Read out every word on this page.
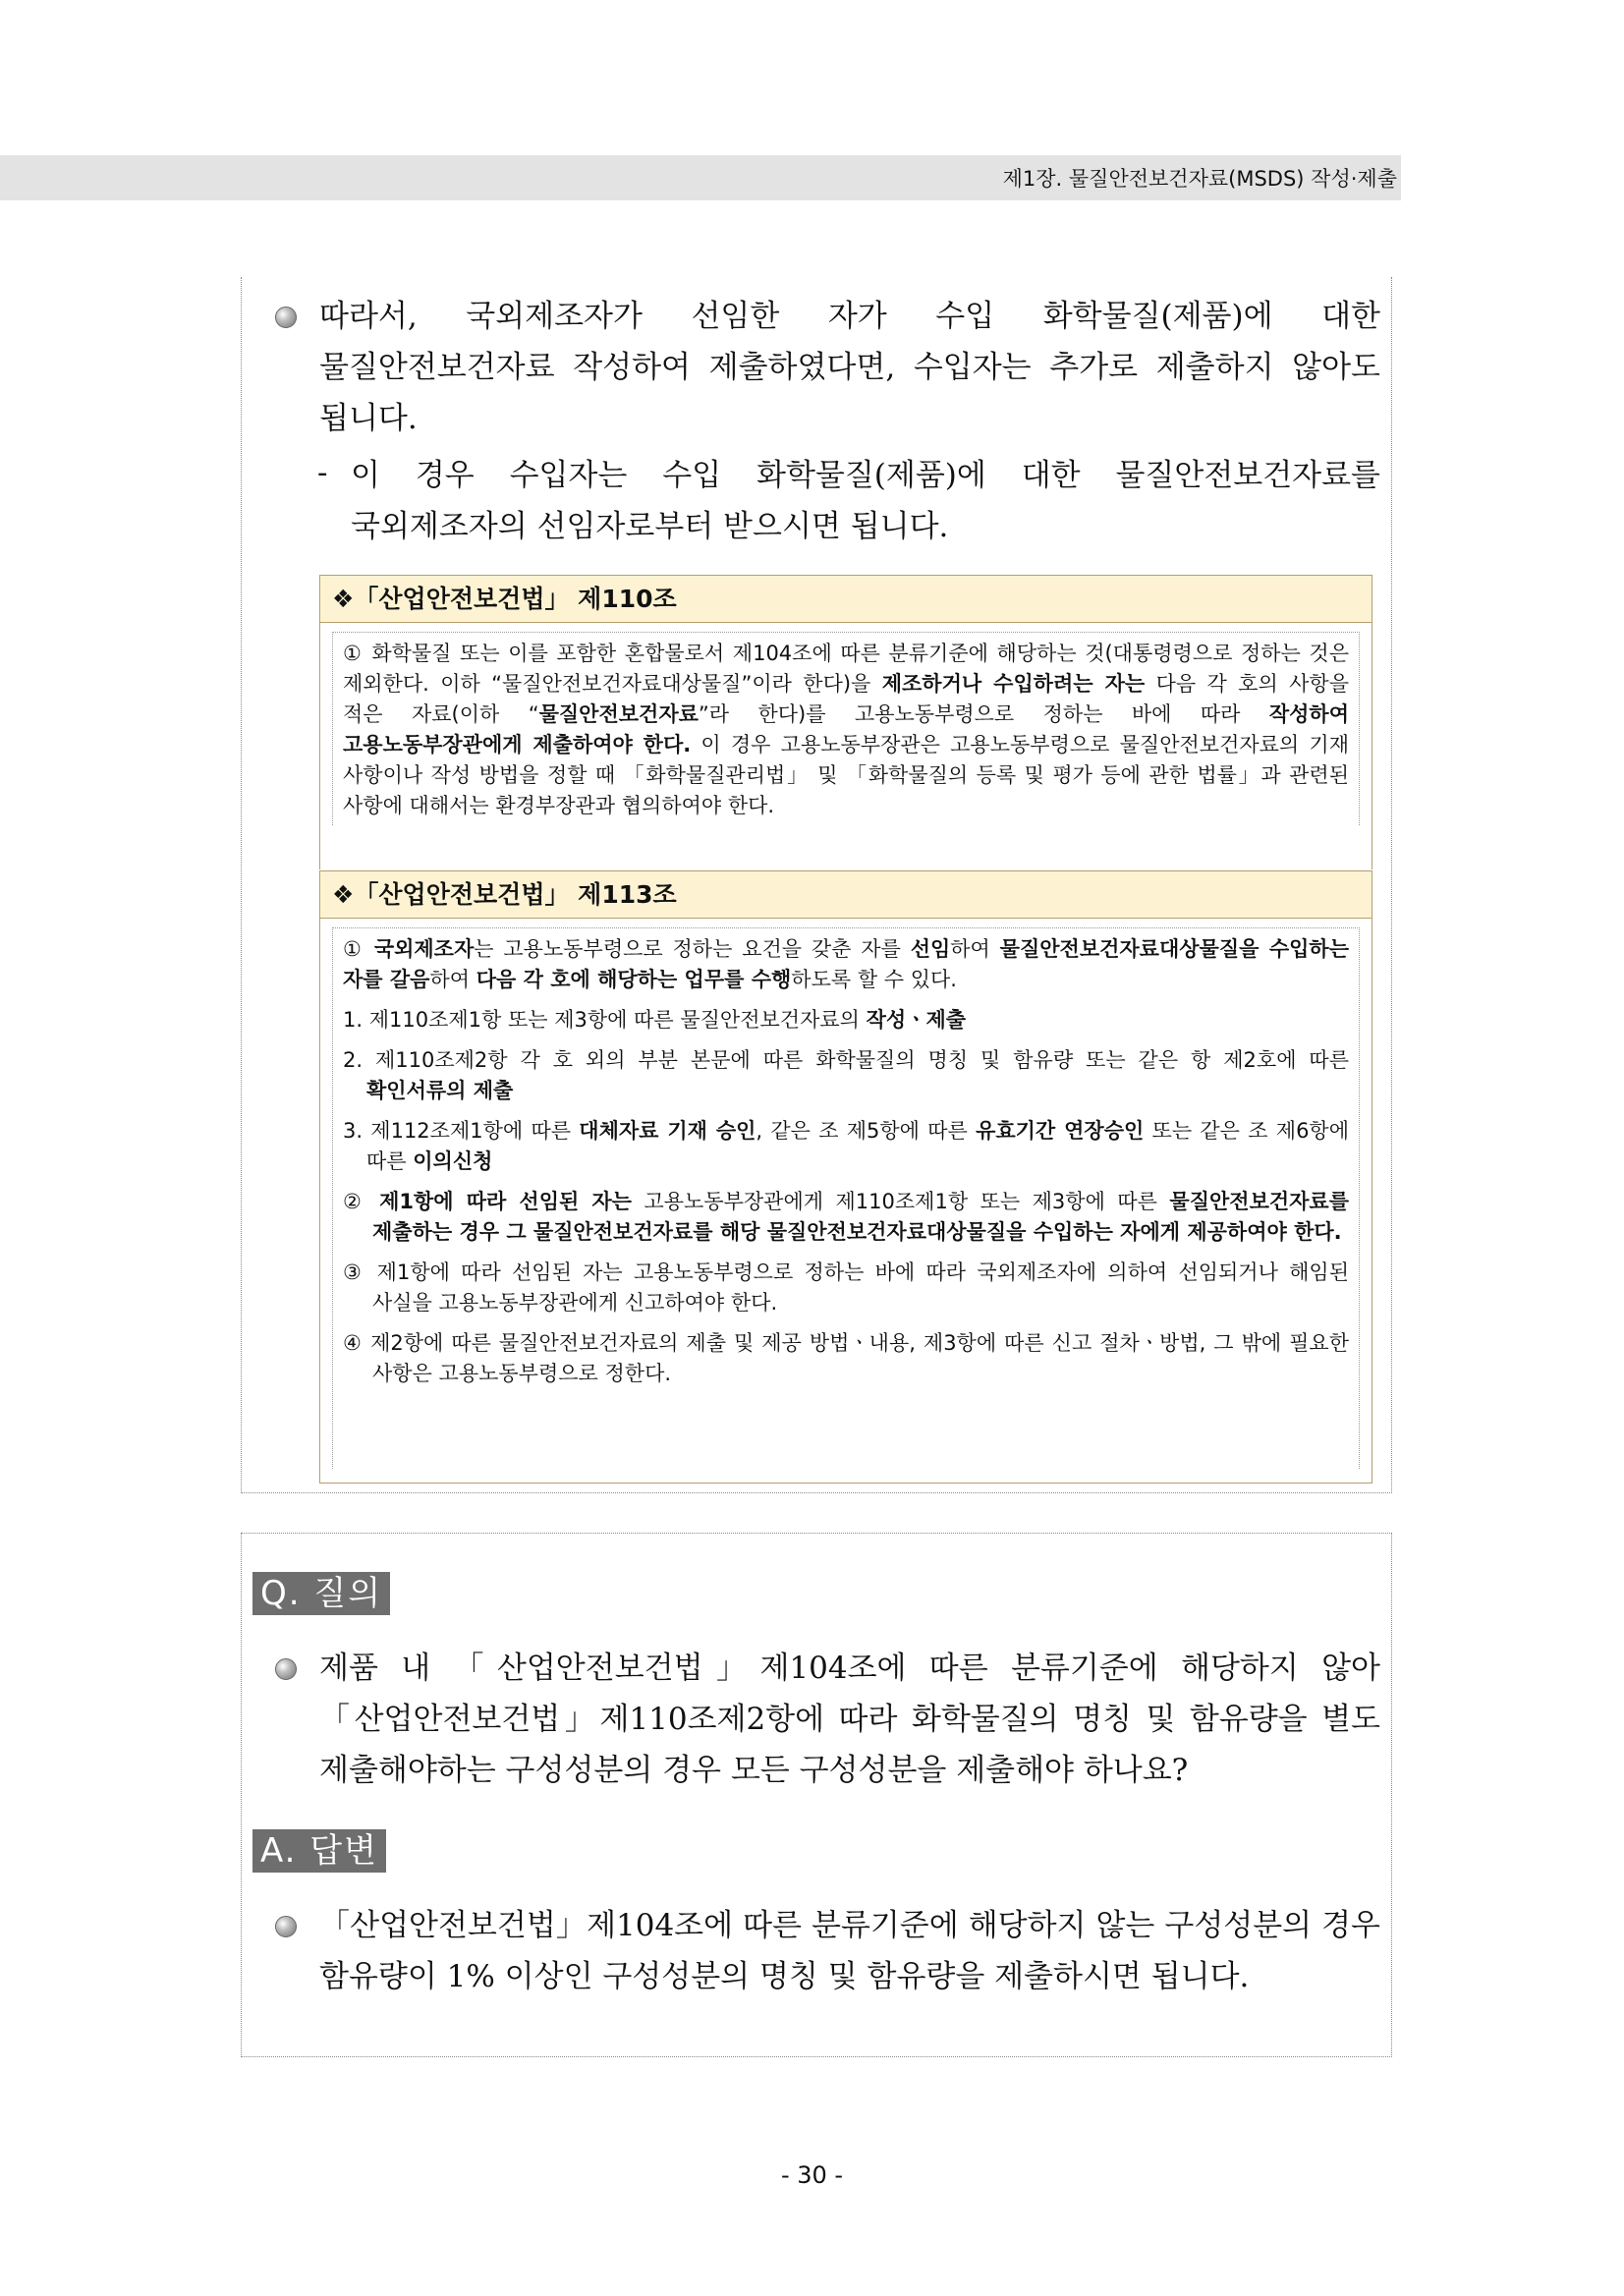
제1장. 물질안전보건자료(MSDS) 작성·제출
따라서, 국외제조자가 선임한 자가 수입 화학물질(제품)에 대한 물질안전보건자료 작성하여 제출하였다면, 수입자는 추가로 제출하지 않아도 됩니다.
- 이 경우 수입자는 수입 화학물질(제품)에 대한 물질안전보건자료를 국외제조자의 선임자로부터 받으시면 됩니다.
❖「산업안전보건법」 제110조
① 화학물질 또는 이를 포함한 혼합물로서 제104조에 따른 분류기준에 해당하는 것(대통령령으로 정하는 것은 제외한다. 이하 “물질안전보건자료대상물질”이라 한다)을 제조하거나 수입하려는 자는 다음 각 호의 사항을 적은 자료(이하 “물질안전보건자료”라 한다)를 고용노동부령으로 정하는 바에 따라 작성하여 고용노동부장관에게 제출하여야 한다. 이 경우 고용노동부장관은 고용노동부령으로 물질안전보건자료의 기재 사항이나 작성 방법을 정할 때 「화학물질관리법」 및 「화학물질의 등록 및 평가 등에 관한 법률」과 관련된 사항에 대해서는 환경부장관과 협의하여야 한다.
❖「산업안전보건법」 제113조
① 국외제조자는 고용노동부령으로 정하는 요건을 갖춘 자를 선임하여 물질안전보건자료대상물질을 수입하는 자를 갈음하여 다음 각 호에 해당하는 업무를 수행하도록 할 수 있다.
1. 제110조제1항 또는 제3항에 따른 물질안전보건자료의 작성ㆍ제출
2. 제110조제2항 각 호 외의 부분 본문에 따른 화학물질의 명칭 및 함유량 또는 같은 항 제2호에 따른 확인서류의 제출
3. 제112조제1항에 따른 대체자료 기재 승인, 같은 조 제5항에 따른 유효기간 연장승인 또는 같은 조 제6항에 따른 이의신청
② 제1항에 따라 선임된 자는 고용노동부장관에게 제110조제1항 또는 제3항에 따른 물질안전보건자료를 제출하는 경우 그 물질안전보건자료를 해당 물질안전보건자료대상물질을 수입하는 자에게 제공하여야 한다.
③ 제1항에 따라 선임된 자는 고용노동부령으로 정하는 바에 따라 국외제조자에 의하여 선임되거나 해임된 사실을 고용노동부장관에게 신고하여야 한다.
④ 제2항에 따른 물질안전보건자료의 제출 및 제공 방법ㆍ내용, 제3항에 따른 신고 절차ㆍ방법, 그 밖에 필요한 사항은 고용노동부령으로 정한다.
Q. 질의
제품 내 「산업안전보건법」제104조에 따른 분류기준에 해당하지 않아 「산업안전보건법」제110조제2항에 따라 화학물질의 명칭 및 함유량을 별도 제출해야하는 구성성분의 경우 모든 구성성분을 제출해야 하나요?
A. 답변
「산업안전보건법」제104조에 따른 분류기준에 해당하지 않는 구성성분의 경우 함유량이 1% 이상인 구성성분의 명칭 및 함유량을 제출하시면 됩니다.
- 30 -
